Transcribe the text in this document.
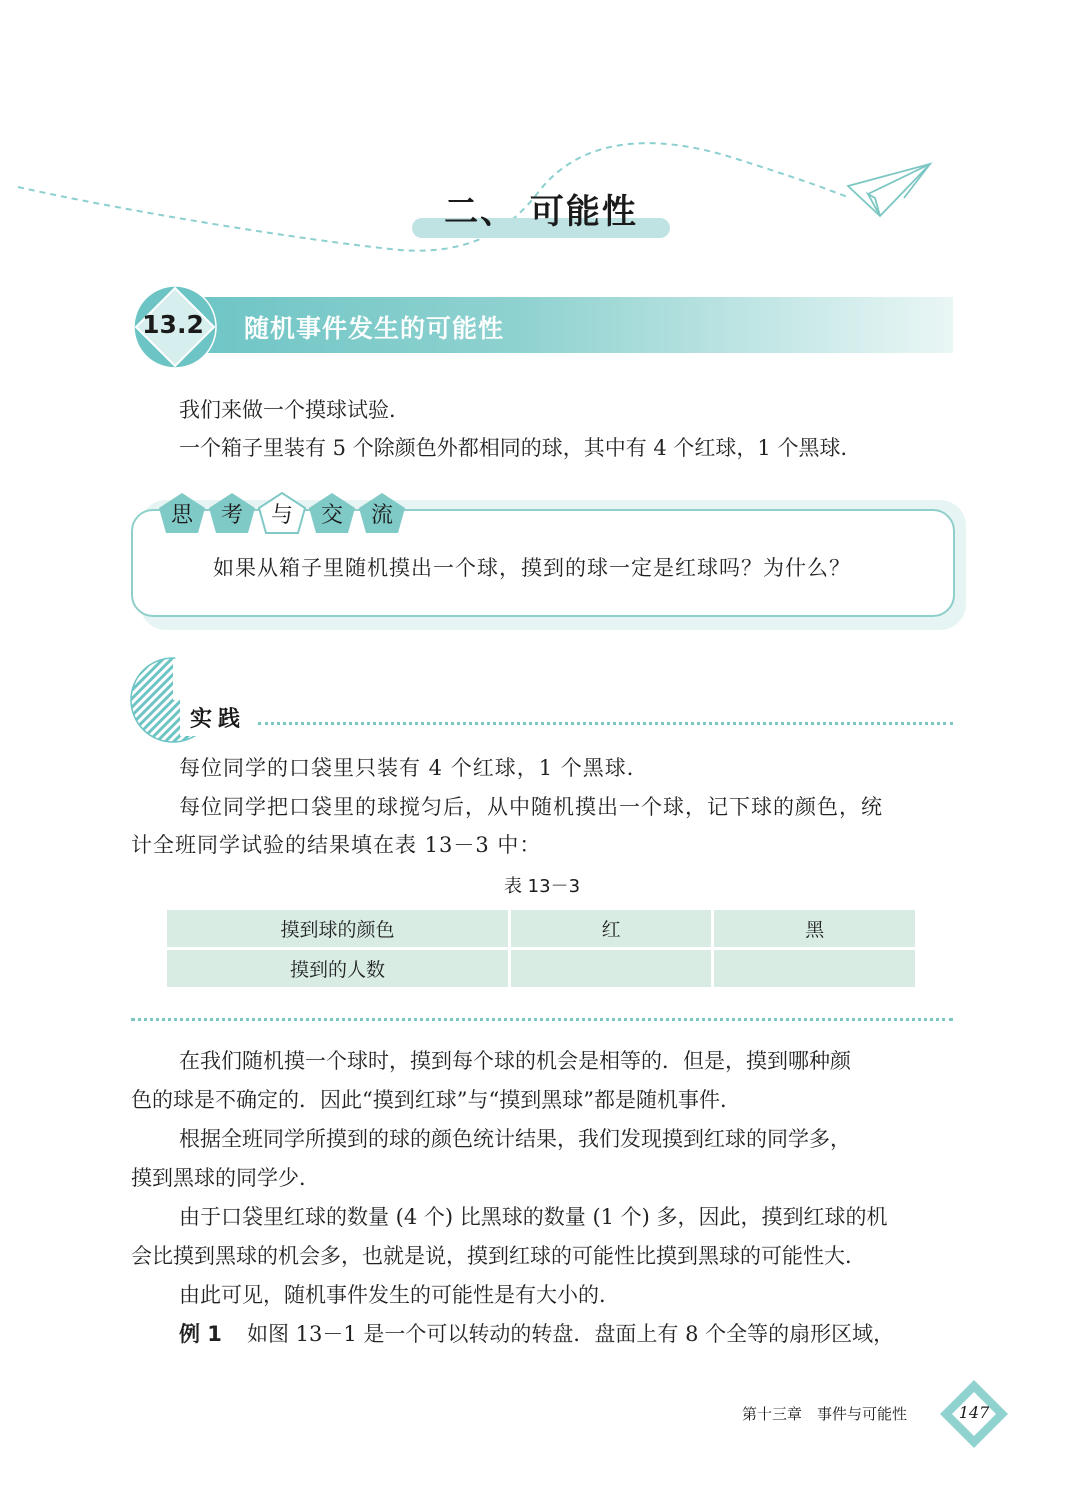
二、 可能性
13.2 随机事件发生的可能性
我们来做一个摸球试验．
一个箱子里装有 5 个除颜色外都相同的球，其中有 4 个红球，1 个黑球．
思	考	与	交	流
如果从箱子里随机摸出一个球，摸到的球一定是红球吗？为什么？
实践
每位同学的口袋里只装有 4 个红球，1 个黑球．
每位同学把口袋里的球搅匀后，从中随机摸出一个球，记下球的颜色，统
计全班同学试验的结果填在表 13－3 中：
表 13－3
摸到球的颜色	红	黑
摸到的人数		
在我们随机摸一个球时，摸到每个球的机会是相等的．但是，摸到哪种颜
色的球是不确定的．因此“摸到红球”与“摸到黑球”都是随机事件．
根据全班同学所摸到的球的颜色统计结果，我们发现摸到红球的同学多，
摸到黑球的同学少．
由于口袋里红球的数量 (4 个) 比黑球的数量 (1 个) 多，因此，摸到红球的机
会比摸到黑球的机会多，也就是说，摸到红球的可能性比摸到黑球的可能性大．
由此可见，随机事件发生的可能性是有大小的．
例 1	如图 13－1 是一个可以转动的转盘．盘面上有 8 个全等的扇形区域，
第十三章　事件与可能性	147
